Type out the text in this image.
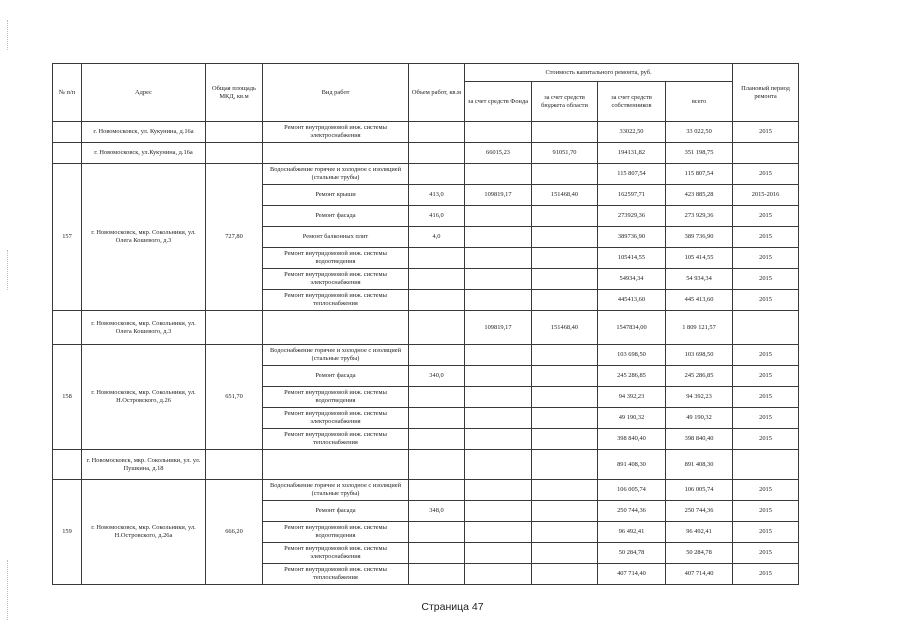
№ п/п	Адрес	Общая площадь МКД, кв.м	Вид работ	Объем работ, кв.м	Стоимость капитального ремонта, руб.				Плановый период ремонта
					за счет средств Фонда	за счет средств бюджета области	за счет средств собственников	всего	
	г. Новомосковск, ул. Кукунина, д.16а		Ремонт внутридомовой инж. системы электроснабжения				33022,50	33 022,50	2015
	г. Новомосковск, ул.Кукунина, д.16а				66015,23	91051,70	194131,82	351 198,75	
157	г. Новомосковск, мкр. Сокольники, ул. Олега Кошевого, д.3	727,80	Водоснабжение горячее и холодное с изоляцией (стальные трубы)				115 807,54	115 807,54	2015
			Ремонт крыши	413,0	109819,17	151468,40	162597,71	423 885,28	2015-2016
			Ремонт фасада	416,0			273929,36	273 929,36	2015
			Ремонт балконных плит	4,0			389736,90	389 736,90	2015
			Ремонт внутридомовой инж. системы водоотведения				105414,55	105 414,55	2015
			Ремонт внутридомовой инж. системы электроснабжения				54934,34	54 934,34	2015
			Ремонт внутридомовой инж. системы теплоснабжения				445413,60	445 413,60	2015
	г. Новомосковск, мкр. Сокольники, ул. Олега Кошевого, д.3				109819,17	151468,40	1547834,00	1 809 121,57	
158	г. Новомосковск, мкр. Сокольники, ул. Н.Островского, д.26	651,70	Водоснабжение горячее и холодное с изоляцией (стальные трубы)				103 698,50	103 698,50	2015
			Ремонт фасада	340,0			245 286,85	245 286,85	2015
			Ремонт внутридомовой инж. системы водоотведения				94 392,23	94 392,23	2015
			Ремонт внутридомовой инж. системы электроснабжения				49 190,32	49 190,32	2015
			Ремонт внутридомовой инж. системы теплоснабжения				398 840,40	398 840,40	2015
	г. Новомосковск, мкр. Сокольники, ул. ул. Пушкина, д.18						891 408,30	891 408,30	
159	г. Новомосковск, мкр. Сокольники, ул. Н.Островского, д.26а	666,20	Водоснабжение горячее и холодное с изоляцией (стальные трубы)				106 005,74	106 005,74	2015
			Ремонт фасада	348,0			250 744,36	250 744,36	2015
			Ремонт внутридомовой инж. системы водоотведения				96 492,41	96 492,41	2015
			Ремонт внутридомовой инж. системы электроснабжения				50 284,78	50 284,78	2015
			Ремонт внутридомовой инж. системы теплоснабжения				407 714,40	407 714,40	2015
Страница 47
